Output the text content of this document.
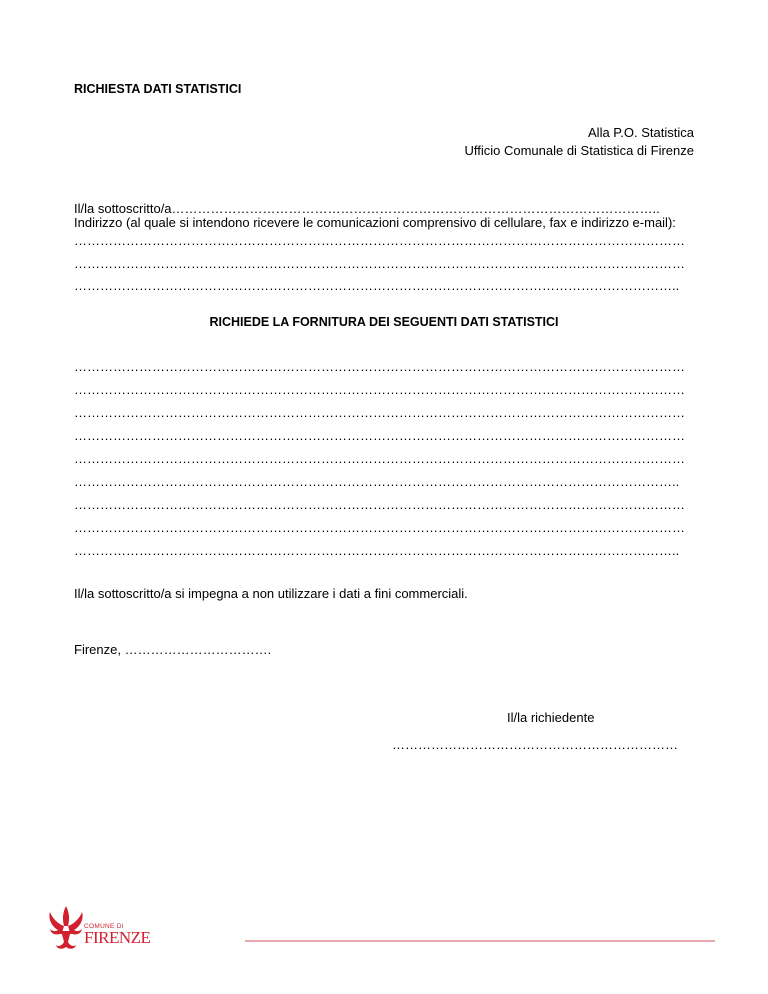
RICHIESTA DATI STATISTICI
Alla P.O. Statistica
Ufficio Comunale di Statistica di Firenze
Il/la sottoscritto/a…………………………………………………………………………………………………..
Indirizzo (al quale si intendono ricevere le comunicazioni comprensivo di cellulare, fax e indirizzo e-mail):
……………………………………………………………………………………………………………………………
……………………………………………………………………………………………………………………………
…………………………………………………………………………………………………………………………..
RICHIEDE LA FORNITURA DEI SEGUENTI DATI STATISTICI
……………………………………………………………………………………………………………………………
……………………………………………………………………………………………………………………………
……………………………………………………………………………………………………………………………
……………………………………………………………………………………………………………………………
……………………………………………………………………………………………………………………………
…………………………………………………………………………………………………………………………..
……………………………………………………………………………………………………………………………
……………………………………………………………………………………………………………………………
…………………………………………………………………………………………………………………………..
Il/la sottoscritto/a si impegna a non utilizzare i dati a fini commerciali.
Firenze, …………………………….
Il/la richiedente
…………………………………………………………
COMUNE DI
FIRENZE
